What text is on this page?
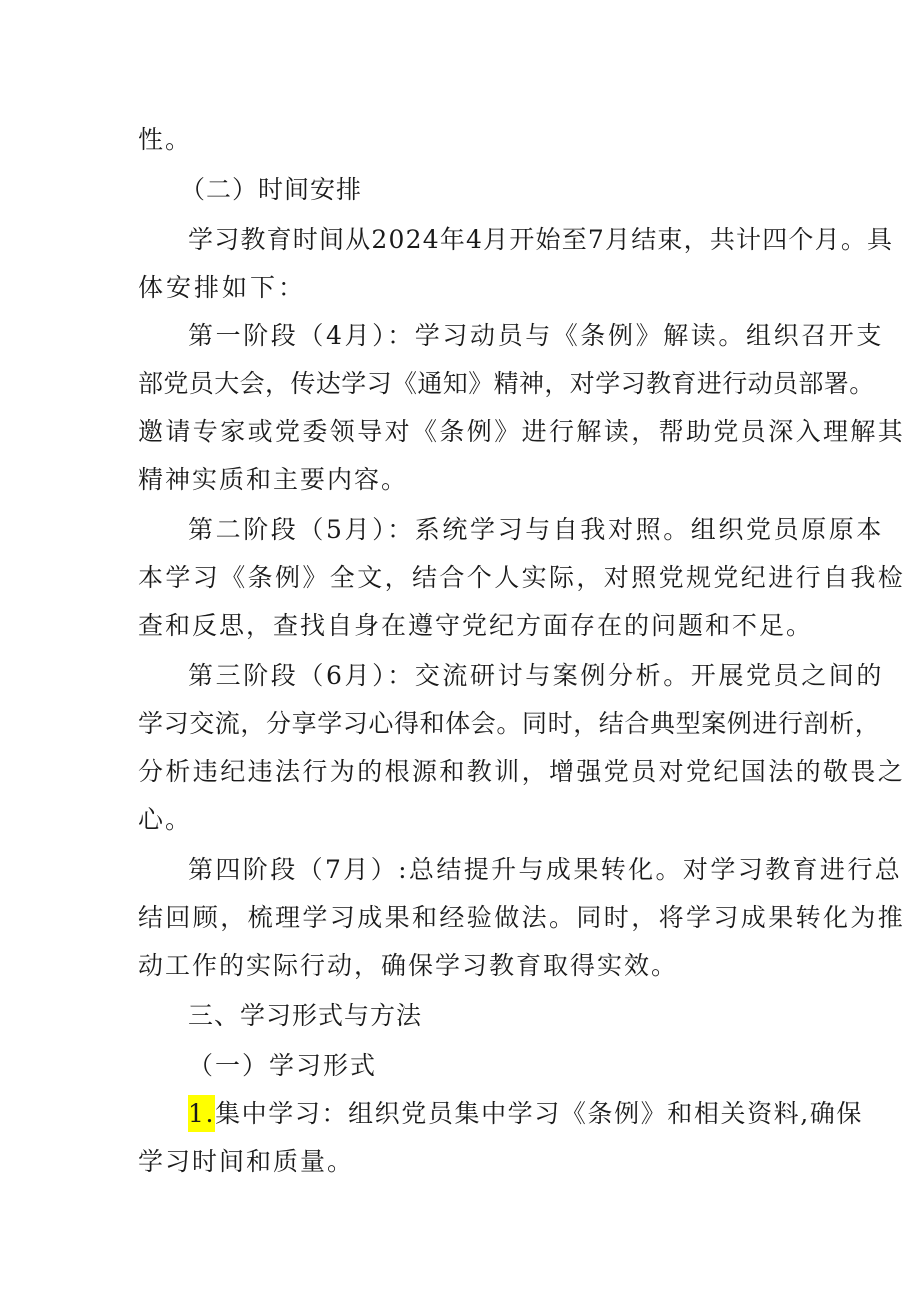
性。

（二）时间安排

学习教育时间从2024年4月开始至7月结束，共计四个月。具

体安排如下：

第一阶段（4月）：学习动员与《条例》解读。组织召开支

部党员大会，传达学习《通知》精神，对学习教育进行动员部署。

邀请专家或党委领导对《条例》进行解读，帮助党员深入理解其

精神实质和主要内容。

第二阶段（5月）：系统学习与自我对照。组织党员原原本

本学习《条例》全文，结合个人实际，对照党规党纪进行自我检

查和反思，查找自身在遵守党纪方面存在的问题和不足。

第三阶段（6月）：交流研讨与案例分析。开展党员之间的

学习交流，分享学习心得和体会。同时，结合典型案例进行剖析，

分析违纪违法行为的根源和教训，增强党员对党纪国法的敬畏之

心。

第四阶段（7月）:总结提升与成果转化。对学习教育进行总

结回顾，梳理学习成果和经验做法。同时，将学习成果转化为推

动工作的实际行动，确保学习教育取得实效。

三、学习形式与方法

（一）学习形式

1.集中学习：组织党员集中学习《条例》和相关资料,确保

学习时间和质量。
